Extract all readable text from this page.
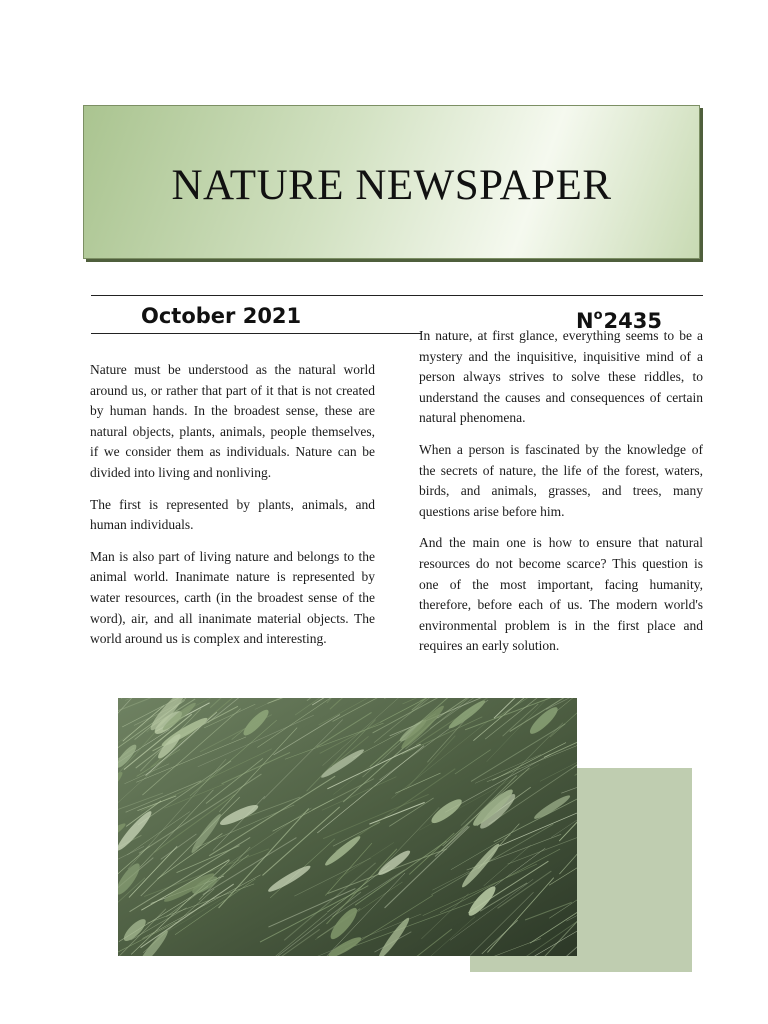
NATURE NEWSPAPER
October 2021	$N^o2435$

Nature must be understood as the natural world around us, or rather that part of it that is not created by human hands. In the broadest sense, these are natural objects, plants, animals, people themselves, if we consider them as individuals. Nature can be divided into living and nonliving.

The first is represented by plants, animals, and human individuals.

Man is also part of living nature and belongs to the animal world. Inanimate nature is represented by water resources, carth (in the broadest sense of the word), air, and all inanimate material objects. The world around us is complex and interesting.

In nature, at first glance, everything seems to be a mystery and the inquisitive, inquisitive mind of a person always strives to solve these riddles, to understand the causes and consequences of certain natural phenomena.

When a person is fascinated by the knowledge of the secrets of nature, the life of the forest, waters, birds, and animals, grasses, and trees, many questions arise before him.

And the main one is how to ensure that natural resources do not become scarce? This question is one of the most important, facing humanity, therefore, before each of us. The modern world's environmental problem is in the first place and requires an early solution.
